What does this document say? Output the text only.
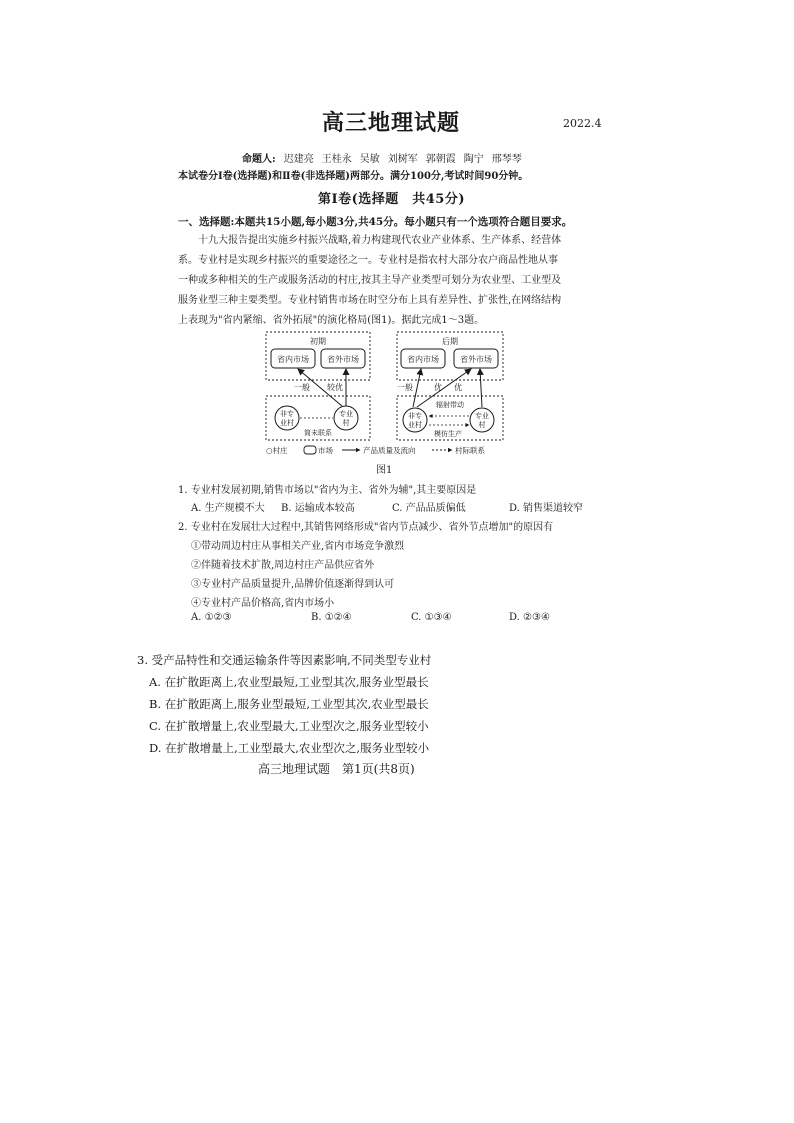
高三地理试题	2022.4
命题人: 迟建亮 王桂永 吴敏 刘树军 郭朝霞 陶宁 邢琴琴
本试卷分Ⅰ卷(选择题)和Ⅱ卷(非选择题)两部分。满分100分,考试时间90分钟。
第Ⅰ卷(选择题　共45分)
一、选择题:本题共15小题,每小题3分,共45分。每小题只有一个选项符合题目要求。
　　十九大报告提出实施乡村振兴战略,着力构建现代农业产业体系、生产体系、经营体
系。专业村是实现乡村振兴的重要途径之一。专业村是指农村大部分农户商品性地从事
一种或多种相关的生产或服务活动的村庄,按其主导产业类型可划分为农业型、工业型及
服务业型三种主要类型。专业村销售市场在时空分布上具有差异性、扩张性,在网络结构
上表现为"省内紧缩、省外拓展"的演化格局(图1)。据此完成1～3题。
初期
省内市场 省外市场
一般 较优
非专
业村
专业
村
简未联系
后期
省内市场	省外市场
一般	优 优
辐射带动
非专
业村
专业
村
模仿生产
○村庄	市场	产品质量及流向	村际联系
图1
1. 专业村发展初期,销售市场以"省内为主、省外为辅",其主要原因是
A. 生产规模不大 B. 运输成本较高	C. 产品品质偏低	D. 销售渠道较窄
2. 专业村在发展壮大过程中,其销售网络形成"省内节点减少、省外节点增加"的原因有
①带动周边村庄从事相关产业,省内市场竞争激烈
②伴随着技术扩散,周边村庄产品供应省外
③专业村产品质量提升,品牌价值逐渐得到认可
④专业村产品价格高,省内市场小
A. ①②③	B. ①②④	C. ①③④	D. ②③④
3. 受产品特性和交通运输条件等因素影响,不同类型专业村
A. 在扩散距离上,农业型最短,工业型其次,服务业型最长
B. 在扩散距离上,服务业型最短,工业型其次,农业型最长
C. 在扩散增量上,农业型最大,工业型次之,服务业型较小
D. 在扩散增量上,工业型最大,农业型次之,服务业型较小
高三地理试题　第1页(共8页)
